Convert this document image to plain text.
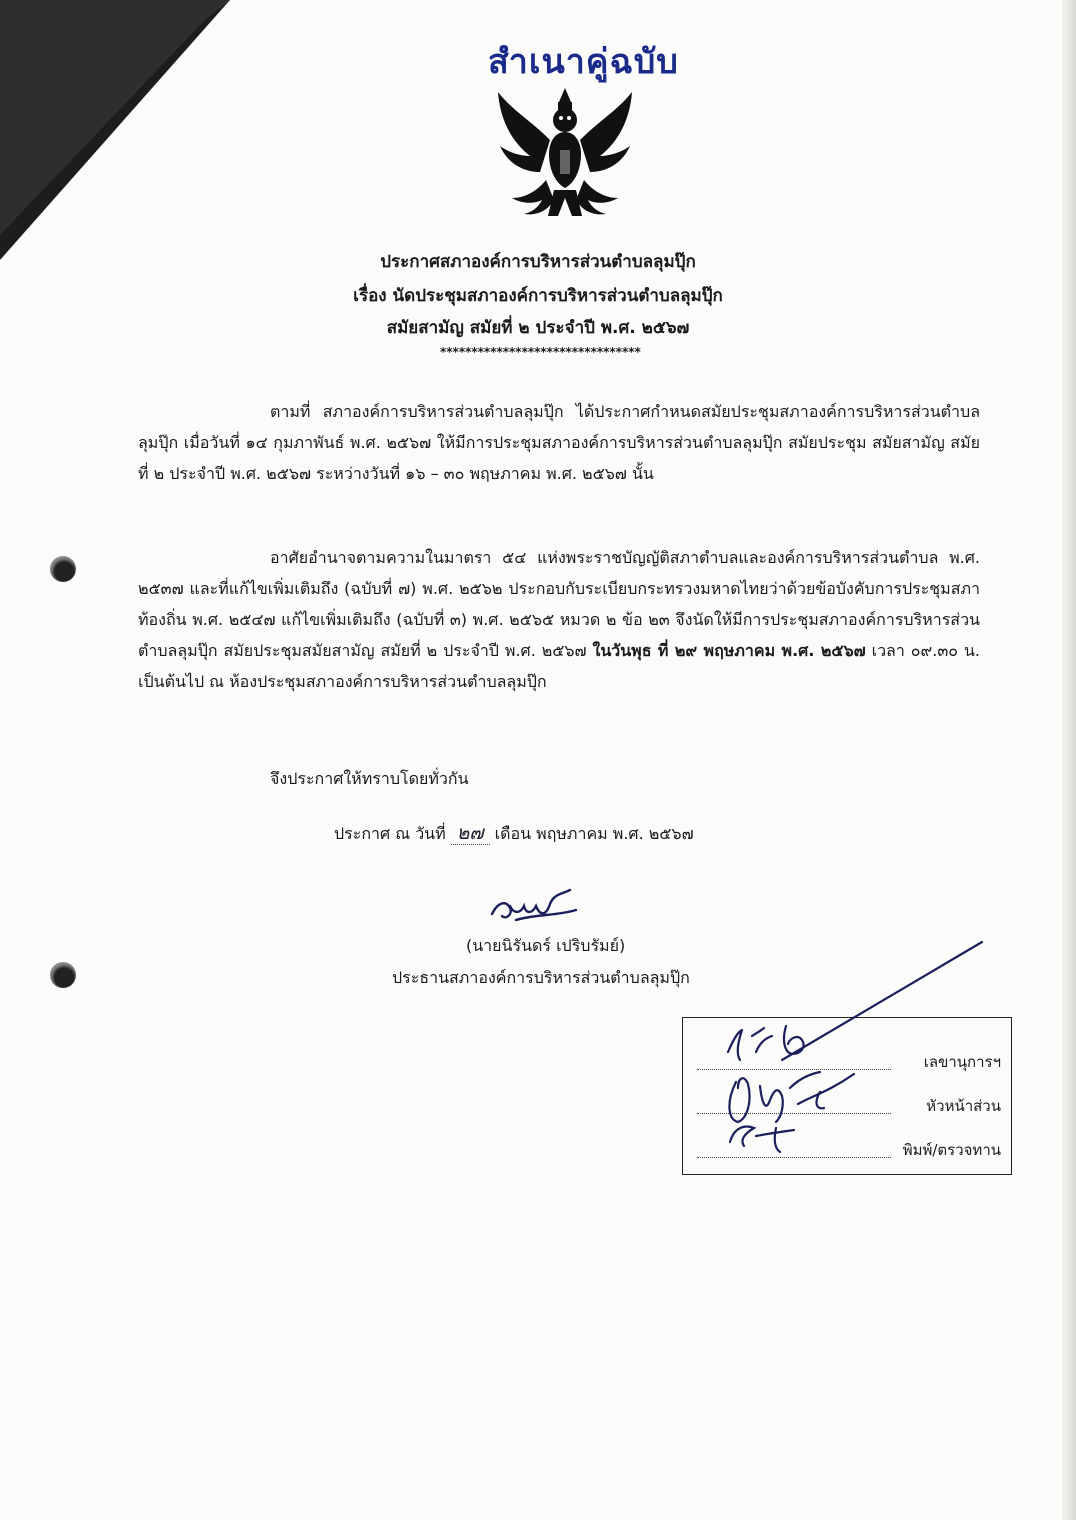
สำเนาคู่ฉบับ
ประกาศสภาองค์การบริหารส่วนตำบลลุมปุ๊ก
เรื่อง นัดประชุมสภาองค์การบริหารส่วนตำบลลุมปุ๊ก
สมัยสามัญ สมัยที่ ๒ ประจำปี พ.ศ. ๒๕๖๗
********************************
ตามที่ สภาองค์การบริหารส่วนตำบลลุมปุ๊ก ได้ประกาศกำหนดสมัยประชุมสภาองค์การบริหารส่วนตำบลลุมปุ๊ก เมื่อวันที่ ๑๔ กุมภาพันธ์ พ.ศ. ๒๕๖๗ ให้มีการประชุมสภาองค์การบริหารส่วนตำบลลุมปุ๊ก สมัยประชุม สมัยสามัญ สมัยที่ ๒ ประจำปี พ.ศ. ๒๕๖๗ ระหว่างวันที่ ๑๖ – ๓๐ พฤษภาคม พ.ศ. ๒๕๖๗ นั้น
อาศัยอำนาจตามความในมาตรา ๕๔ แห่งพระราชบัญญัติสภาตำบลและองค์การบริหารส่วนตำบล พ.ศ. ๒๕๓๗ และที่แก้ไขเพิ่มเติมถึง (ฉบับที่ ๗) พ.ศ. ๒๕๖๒ ประกอบกับระเบียบกระทรวงมหาดไทยว่าด้วยข้อบังคับการประชุมสภาท้องถิ่น พ.ศ. ๒๕๔๗ แก้ไขเพิ่มเติมถึง (ฉบับที่ ๓) พ.ศ. ๒๕๖๕ หมวด ๒ ข้อ ๒๓ จึงนัดให้มีการประชุมสภาองค์การบริหารส่วนตำบลลุมปุ๊ก สมัยประชุมสมัยสามัญ สมัยที่ ๒ ประจำปี พ.ศ. ๒๕๖๗ ในวันพุธ ที่ ๒๙ พฤษภาคม พ.ศ. ๒๕๖๗ เวลา ๐๙.๓๐ น. เป็นต้นไป ณ ห้องประชุมสภาองค์การบริหารส่วนตำบลลุมปุ๊ก
จึงประกาศให้ทราบโดยทั่วกัน
ประกาศ ณ วันที่ ๒๗ เดือน พฤษภาคม พ.ศ. ๒๕๖๗
(นายนิรันดร์ เปริบรัมย์)
ประธานสภาองค์การบริหารส่วนตำบลลุมปุ๊ก
เลขานุการฯ
หัวหน้าส่วน
พิมพ์/ตรวจทาน
